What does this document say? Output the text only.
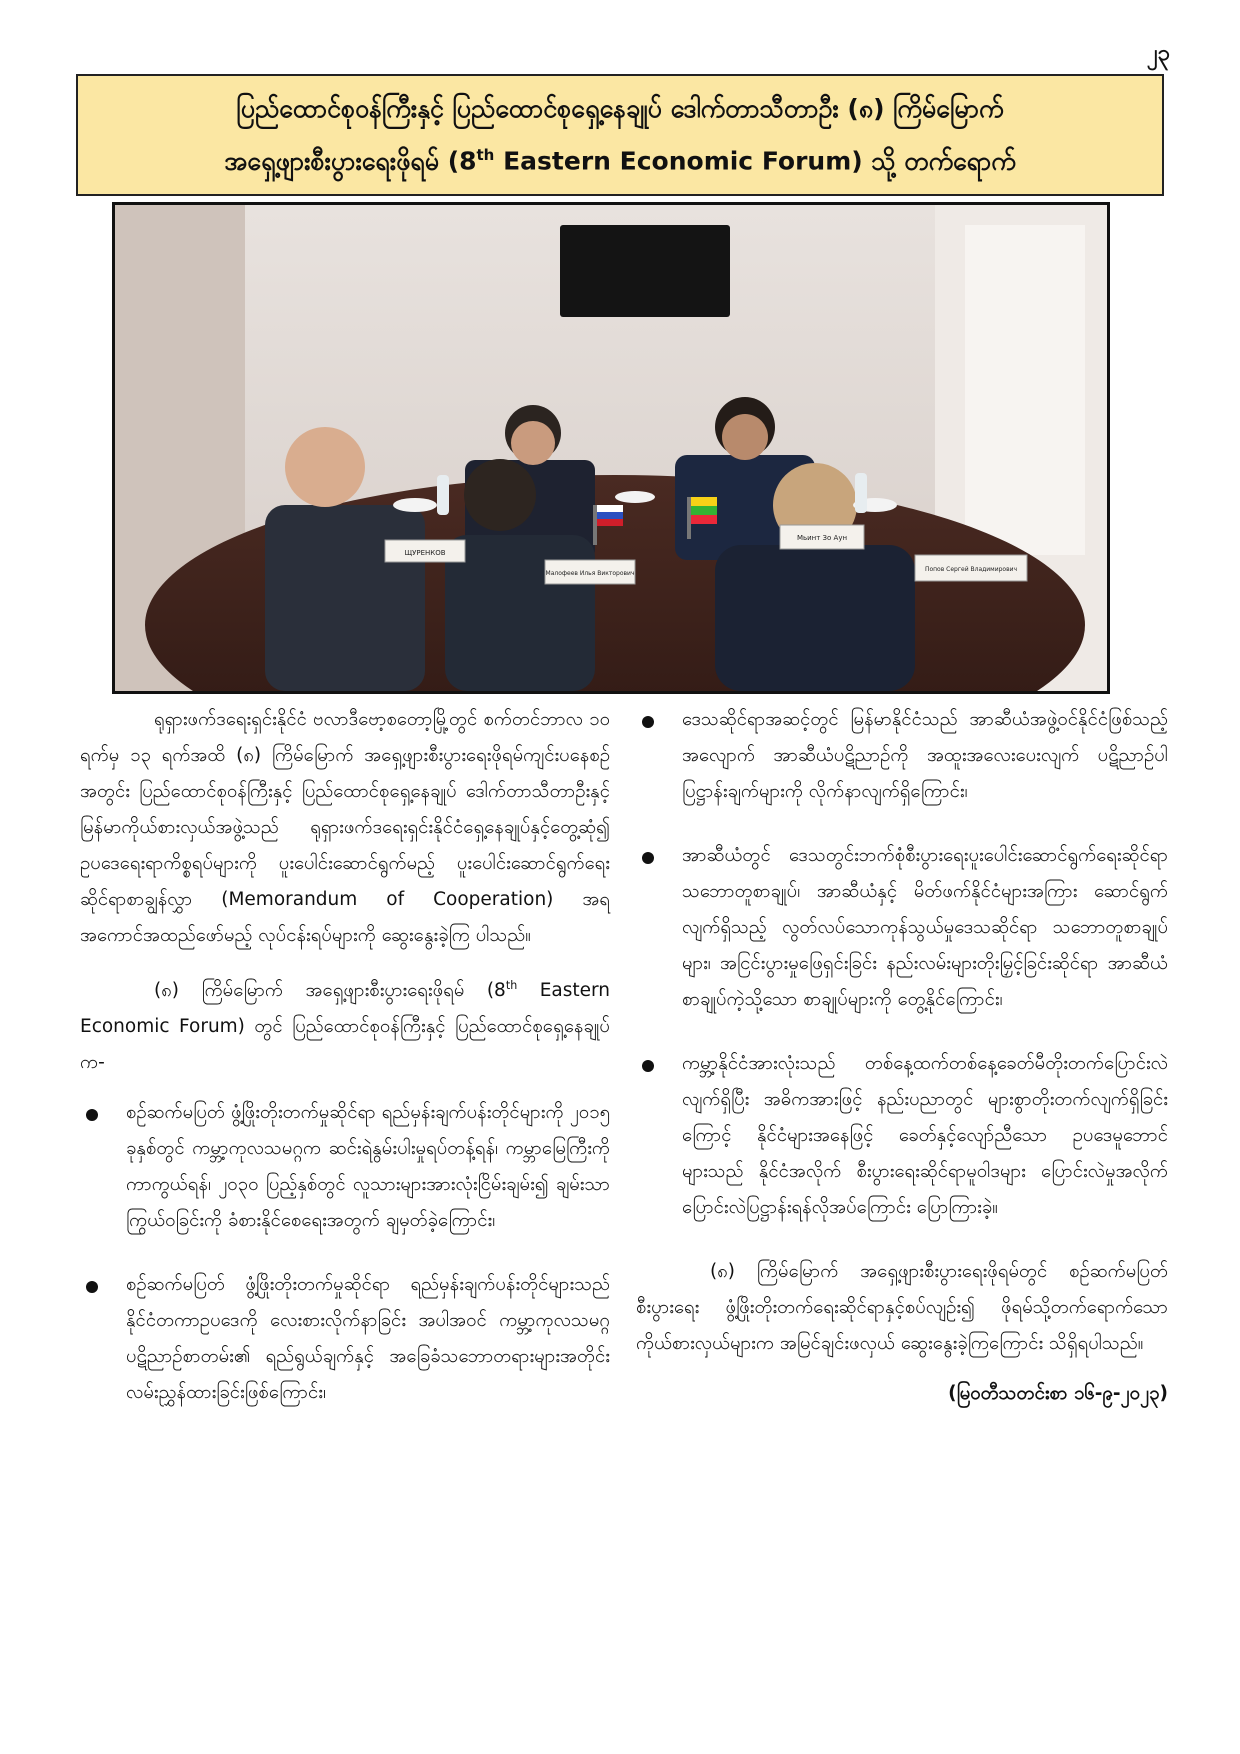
၂၃
ပြည်ထောင်စုဝန်ကြီးနှင့် ပြည်ထောင်စုရှေ့နေချုပ် ဒေါက်တာသီတာဦး (၈) ကြိမ်မြောက်
အရှေ့ဖျားစီးပွားရေးဖိုရမ် (8th Eastern Economic Forum) သို့ တက်ရောက်
ЩУРЕНКОВ
Малофеев Илья Викторович
Мьинт Зо Аун
Попов Сергей Владимирович

ရုရှားဖက်ဒရေးရှင်းနိုင်ငံ ဗလာဒီဗော့စတော့မြို့တွင် စက်တင်ဘာလ ၁၀ ရက်မှ ၁၃ ရက်အထိ (၈) ကြိမ်မြောက် အရှေ့ဖျားစီးပွားရေးဖိုရမ်ကျင်းပနေစဉ်အတွင်း ပြည်ထောင်စုဝန်ကြီးနှင့် ပြည်ထောင်စုရှေ့နေချုပ် ဒေါက်တာသီတာဦးနှင့် မြန်မာကိုယ်စားလှယ်အဖွဲ့သည် ရုရှားဖက်ဒရေးရှင်းနိုင်ငံရှေ့နေချုပ်နှင့်တွေ့ဆုံ၍ ဥပဒေရေးရာကိစ္စရပ်များကို ပူးပေါင်းဆောင်ရွက်မည့် ပူးပေါင်းဆောင်ရွက်ရေးဆိုင်ရာစာချွန်လွှာ (Memorandum of Cooperation) အရ အကောင်အထည်ဖော်မည့် လုပ်ငန်းရပ်များကို ဆွေးနွေးခဲ့ကြ ပါသည်။

(၈) ကြိမ်မြောက် အရှေ့ဖျားစီးပွားရေးဖိုရမ် (8th Eastern Economic Forum) တွင် ပြည်ထောင်စုဝန်ကြီးနှင့် ပြည်ထောင်စုရှေ့နေချုပ်က-

စဉ်ဆက်မပြတ် ဖွံ့ဖြိုးတိုးတက်မှုဆိုင်ရာ ရည်မှန်းချက်ပန်းတိုင်များကို ၂၀၁၅ ခုနှစ်တွင် ကမ္ဘာ့ကုလသမဂ္ဂက ဆင်းရဲနွမ်းပါးမှုရပ်တန့်ရန်၊ ကမ္ဘာမြေကြီးကို ကာကွယ်ရန်၊ ၂၀၃၀ ပြည့်နှစ်တွင် လူသားများအားလုံးငြိမ်းချမ်း၍ ချမ်းသာကြွယ်ဝခြင်းကို ခံစားနိုင်စေရေးအတွက် ချမှတ်ခဲ့ကြောင်း၊
စဉ်ဆက်မပြတ် ဖွံ့ဖြိုးတိုးတက်မှုဆိုင်ရာ ရည်မှန်းချက်ပန်းတိုင်များသည် နိုင်ငံတကာဥပဒေကို လေးစားလိုက်နာခြင်း အပါအဝင် ကမ္ဘာ့ကုလသမဂ္ဂ ပဋိညာဉ်စာတမ်း၏ ရည်ရွယ်ချက်နှင့် အခြေခံသဘောတရားများအတိုင်း လမ်းညွှန်ထားခြင်းဖြစ်ကြောင်း၊
ဒေသဆိုင်ရာအဆင့်တွင် မြန်မာနိုင်ငံသည် အာဆီယံအဖွဲ့ဝင်နိုင်ငံဖြစ်သည့်အလျောက် အာဆီယံပဋိညာဉ်ကို အထူးအလေးပေးလျက် ပဋိညာဉ်ပါ ပြဋ္ဌာန်းချက်များကို လိုက်နာလျက်ရှိကြောင်း၊
အာဆီယံတွင် ဒေသတွင်းဘက်စုံစီးပွားရေးပူးပေါင်းဆောင်ရွက်ရေးဆိုင်ရာ သဘောတူစာချုပ်၊ အာဆီယံနှင့် မိတ်ဖက်နိုင်ငံများအကြား ဆောင်ရွက်လျက်ရှိသည့် လွတ်လပ်သောကုန်သွယ်မှုဒေသဆိုင်ရာ သဘောတူစာချုပ်များ၊ အငြင်းပွားမှုဖြေရှင်းခြင်း နည်းလမ်းများတိုးမြှင့်ခြင်းဆိုင်ရာ အာဆီယံစာချုပ်ကဲ့သို့သော စာချုပ်များကို တွေ့နိုင်ကြောင်း၊
ကမ္ဘာ့နိုင်ငံအားလုံးသည် တစ်နေ့ထက်တစ်နေ့ခေတ်မီတိုးတက်ပြောင်းလဲလျက်ရှိပြီး အဓိကအားဖြင့် နည်းပညာတွင် များစွာတိုးတက်လျက်ရှိခြင်းကြောင့် နိုင်ငံများအနေဖြင့် ခေတ်နှင့်လျော်ညီသော ဥပဒေမူဘောင်များသည် နိုင်ငံအလိုက် စီးပွားရေးဆိုင်ရာမူဝါဒများ ပြောင်းလဲမှုအလိုက် ပြောင်းလဲပြဋ္ဌာန်းရန်လိုအပ်ကြောင်း ပြောကြားခဲ့။

(၈) ကြိမ်မြောက် အရှေ့ဖျားစီးပွားရေးဖိုရမ်တွင် စဉ်ဆက်မပြတ်စီးပွားရေး ဖွံ့ဖြိုးတိုးတက်ရေးဆိုင်ရာနှင့်စပ်လျဉ်း၍ ဖိုရမ်သို့တက်ရောက်သော ကိုယ်စားလှယ်များက အမြင်ချင်းဖလှယ် ဆွေးနွေးခဲ့ကြကြောင်း သိရှိရပါသည်။

(မြဝတီသတင်းစာ ၁၆-၉-၂၀၂၃)
